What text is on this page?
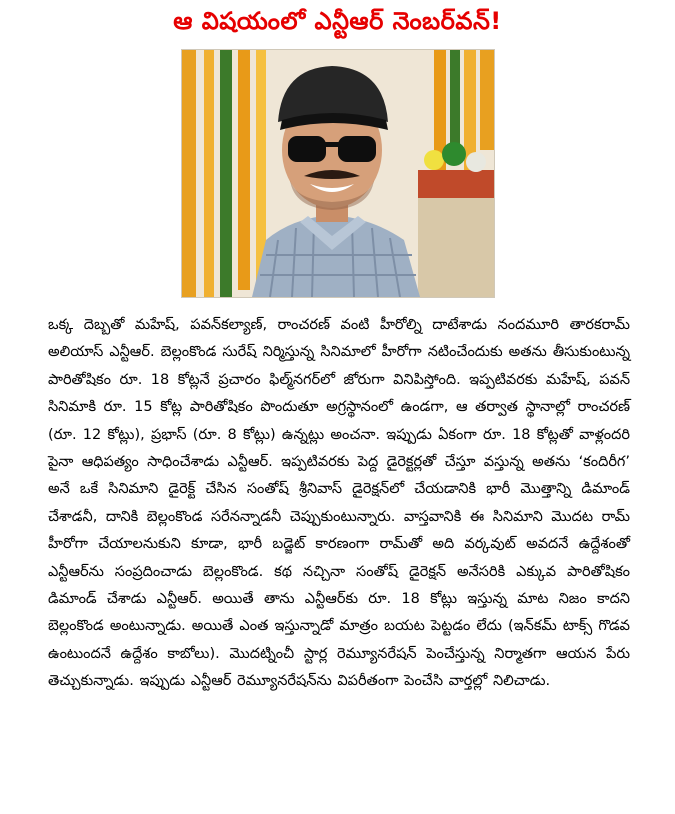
ఆ విషయంలో ఎన్టీఆర్ నెంబర్‌వన్!

ఒక్క దెబ్బతో మహేష్, పవన్‌కల్యాణ్, రాంచరణ్ వంటి హీరోల్ని దాటేశాడు నందమూరి తారకరామ్ అలియాస్ ఎన్టీఆర్. బెల్లంకొండ సురేష్ నిర్మిస్తున్న సినిమాలో హీరోగా నటించేందుకు అతను తీసుకుంటున్న పారితోషికం రూ. 18 కోట్లనే ప్రచారం ఫిల్మ్‌నగర్‌లో జోరుగా వినిపిస్తోంది. ఇప్పటివరకు మహేష్, పవన్ సినిమాకి రూ. 15 కోట్ల పారితోషికం పొందుతూ అగ్రస్థానంలో ఉండగా, ఆ తర్వాత స్థానాల్లో రాంచరణ్ (రూ. 12 కోట్లు), ప్రభాస్ (రూ. 8 కోట్లు) ఉన్నట్లు అంచనా. ఇప్పుడు ఏకంగా రూ. 18 కోట్లతో వాళ్లందరి పైనా ఆధిపత్యం సాధించేశాడు ఎన్టీఆర్. ఇప్పటివరకు పెద్ద డైరెక్టర్లతో చేస్తూ వస్తున్న అతను ‘కందిరీగ’ అనే ఒకే సినిమాని డైరెక్ట్ చేసిన సంతోష్ శ్రీనివాస్ డైరెక్షన్‌లో చేయడానికి భారీ మొత్తాన్ని డిమాండ్ చేశాడనీ, దానికి బెల్లంకొండ సరేనన్నాడనీ చెప్పుకుంటున్నారు. వాస్తవానికి ఈ సినిమాని మొదట రామ్ హీరోగా చేయాలనుకుని కూడా, భారీ బడ్జెట్ కారణంగా రామ్‌తో అది వర్కవుట్ అవదనే ఉద్దేశంతో ఎన్టీఆర్‌ను సంప్రదించాడు బెల్లంకొండ. కథ నచ్చినా సంతోష్ డైరెక్షన్ అనేసరికి ఎక్కువ పారితోషికం డిమాండ్ చేశాడు ఎన్టీఆర్. అయితే తాను ఎన్టీఆర్‌కు రూ. 18 కోట్లు ఇస్తున్న మాట నిజం కాదని బెల్లంకొండ అంటున్నాడు. అయితే ఎంత ఇస్తున్నాడో మాత్రం బయట పెట్టడం లేదు (ఇన్‌కమ్ టాక్స్ గొడవ ఉంటుందనే ఉద్దేశం కాబోలు). మొదట్నించీ స్టార్ల రెమ్యూనరేషన్ పెంచేస్తున్న నిర్మాతగా ఆయన పేరు తెచ్చుకున్నాడు. ఇప్పుడు ఎన్టీఆర్ రెమ్యూనరేషన్‌ను విపరీతంగా పెంచేసి వార్తల్లో నిలిచాడు.
